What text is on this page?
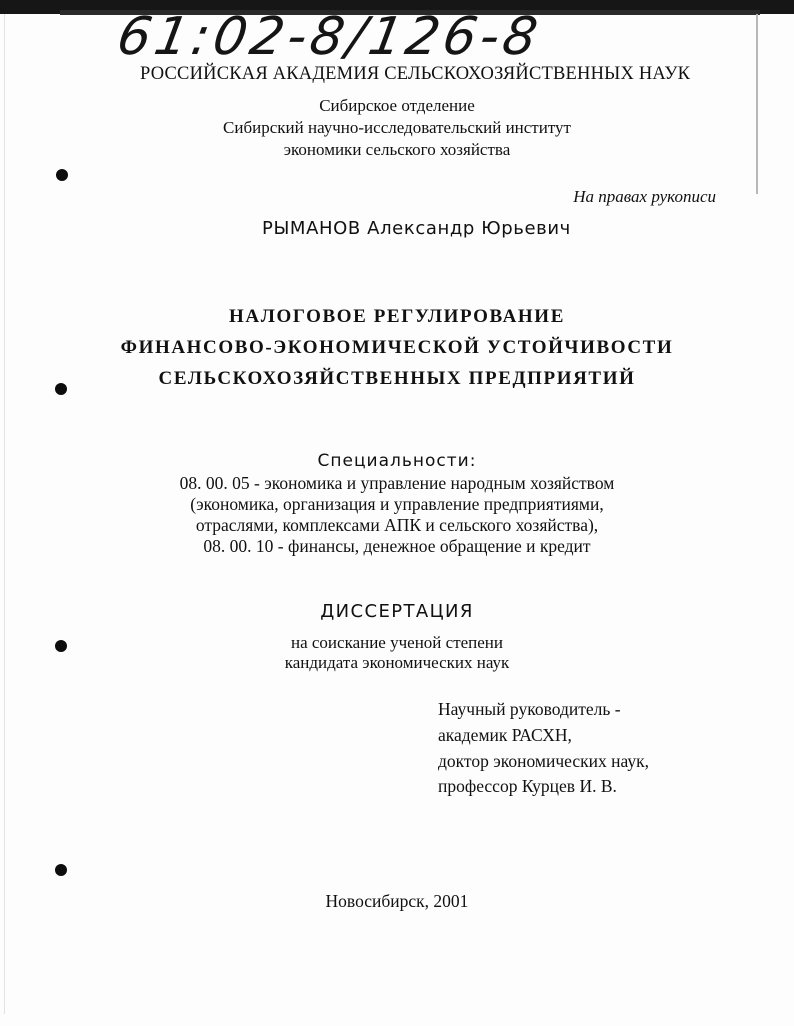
61:02-8/126-8
РОССИЙСКАЯ АКАДЕМИЯ СЕЛЬСКОХОЗЯЙСТВЕННЫХ НАУК
Сибирское отделение
Сибирский научно-исследовательский институт
экономики сельского хозяйства
На правах рукописи
РЫМАНОВ Александр Юрьевич
НАЛОГОВОЕ РЕГУЛИРОВАНИЕ
ФИНАНСОВО-ЭКОНОМИЧЕСКОЙ УСТОЙЧИВОСТИ
СЕЛЬСКОХОЗЯЙСТВЕННЫХ ПРЕДПРИЯТИЙ
Специальности:
08. 00. 05 - экономика и управление народным хозяйством
(экономика, организация и управление предприятиями,
отраслями, комплексами АПК и сельского хозяйства),
08. 00. 10 - финансы, денежное обращение и кредит
ДИССЕРТАЦИЯ
на соискание ученой степени
кандидата экономических наук
Научный руководитель -
академик РАСХН,
доктор экономических наук,
профессор Курцев И. В.
Новосибирск, 2001
